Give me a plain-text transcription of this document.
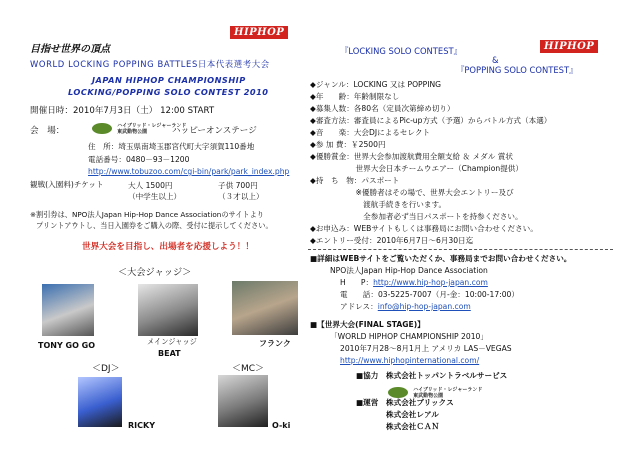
目指せ世界の頂点
HIPHOP
WORLD LOCKING POPPING BATTLES日本代表選考大会
JAPAN HIPHOP CHAMPIONSHIP
LOCKING/POPPING SOLO CONTEST 2010
開催日時：2010年7月3日（土） 12:00 START
会　場：
ハイブリッド・レジャーランド
東武動物公園	ハッピーオンステージ
住　所：埼玉県南埼玉郡宮代町大字須賀110番地
電話番号：0480－93－1200
http://www.tobuzoo.com/cgi-bin/park/park_index.php
観戦(入園料)チケット	大人 1500円
（中学生以上）
子供 700円
（３才以上）
※割引券は、NPO法人Japan Hip-Hop Dance Associationのサイトより
プリントアウトし、当日入園券をご購入の際、受付に提示してください。
世界大会を目指し、出場者を応援しよう！！
＜大会ジャッジ＞
TONY GO GO	メインジャッジ
BEAT
フランク
＜DJ＞	＜MC＞
RICKY	O-ki
『LOCKING SOLO CONTEST』
&
HIPHOP
『POPPING SOLO CONTEST』
◆ジャンル：LOCKING 又は POPPING
◆年　　齢：年齢制限なし
◆募集人数：各80名（定員次第締め切り）
◆審査方法：審査員によるPic-up方式（予選）からバトル方式（本選）
◆音　　楽：大会DJによるセレクト
◆参 加 費：￥2500円
◆優勝賞金：世界大会参加渡航費用全額支給 ＆ メダル 賞状
　　　　　　世界大会日本チームウエアー（Champion提供）
◆持　ち　物：パスポート
　　　　　　※優勝者はその場で、世界大会エントリー及び
　　　　　　　渡航手続きを行います。
　　　　　　　全参加者必ず当日パスポートを持参ください。
◆お申込み：WEBサイトもしくは事務局にお問い合わせください。
◆エントリー受付：2010年6月7日～6月30日迄
■詳細はWEBサイトをご覧いただくか、事務局までお問い合わせください。
NPO法人Japan Hip-Hop Dance Association
H　　P：http://www.hip-hop-japan.com
電　　話：03-5225-7007（月-金：10:00-17:00）
アドレス：info@hip-hop-japan.com
■【世界大会(FINAL STAGE)】
「WORLD HIPHOP CHAMPIONSHIP 2010」
2010年7月28～8月1月上 アメリカ LAS－VEGAS
http://www.hiphopinternational.com/
■協力 株式会社トッパントラベルサービス
ハイブリッド・レジャーランド
東武動物公園
■運営 株式会社ブリックス
株式会社レアル
株式会社ＣＡＮ
